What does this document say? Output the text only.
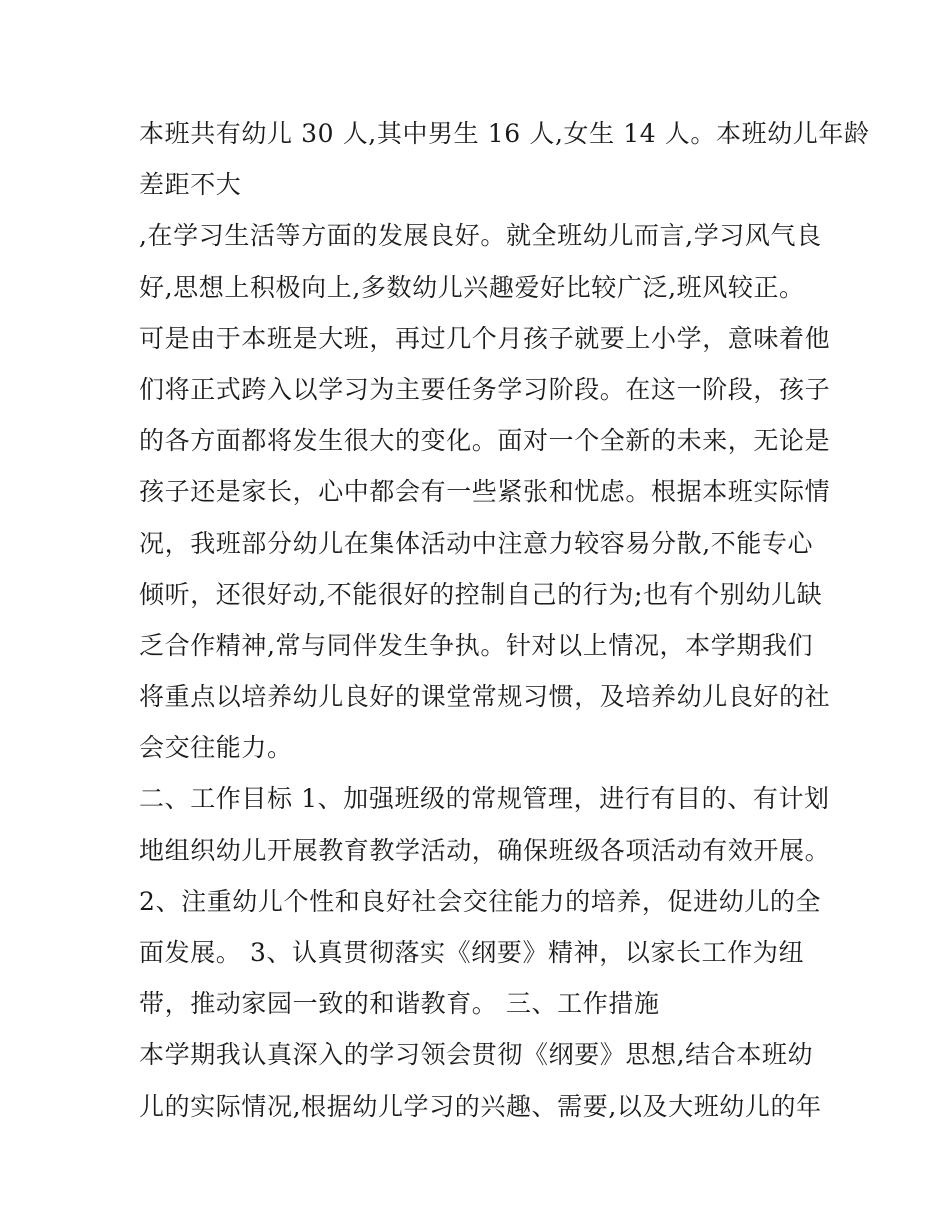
本班共有幼儿 30 人,其中男生 16 人,女生 14 人。本班幼儿年龄
差距不大
,在学习生活等方面的发展良好。就全班幼儿而言,学习风气良
好,思想上积极向上,多数幼儿兴趣爱好比较广泛,班风较正。
可是由于本班是大班，再过几个月孩子就要上小学，意味着他
们将正式跨入以学习为主要任务学习阶段。在这一阶段，孩子
的各方面都将发生很大的变化。面对一个全新的未来，无论是
孩子还是家长，心中都会有一些紧张和忧虑。根据本班实际情
况，我班部分幼儿在集体活动中注意力较容易分散,不能专心
倾听，还很好动,不能很好的控制自己的行为;也有个别幼儿缺
乏合作精神,常与同伴发生争执。针对以上情况，本学期我们
将重点以培养幼儿良好的课堂常规习惯，及培养幼儿良好的社
会交往能力。
二、工作目标 1、加强班级的常规管理，进行有目的、有计划
地组织幼儿开展教育教学活动，确保班级各项活动有效开展。
2、注重幼儿个性和良好社会交往能力的培养，促进幼儿的全
面发展。 3、认真贯彻落实《纲要》精神，以家长工作为纽
带，推动家园一致的和谐教育。 三、工作措施
本学期我认真深入的学习领会贯彻《纲要》思想,结合本班幼
儿的实际情况,根据幼儿学习的兴趣、需要,以及大班幼儿的年
